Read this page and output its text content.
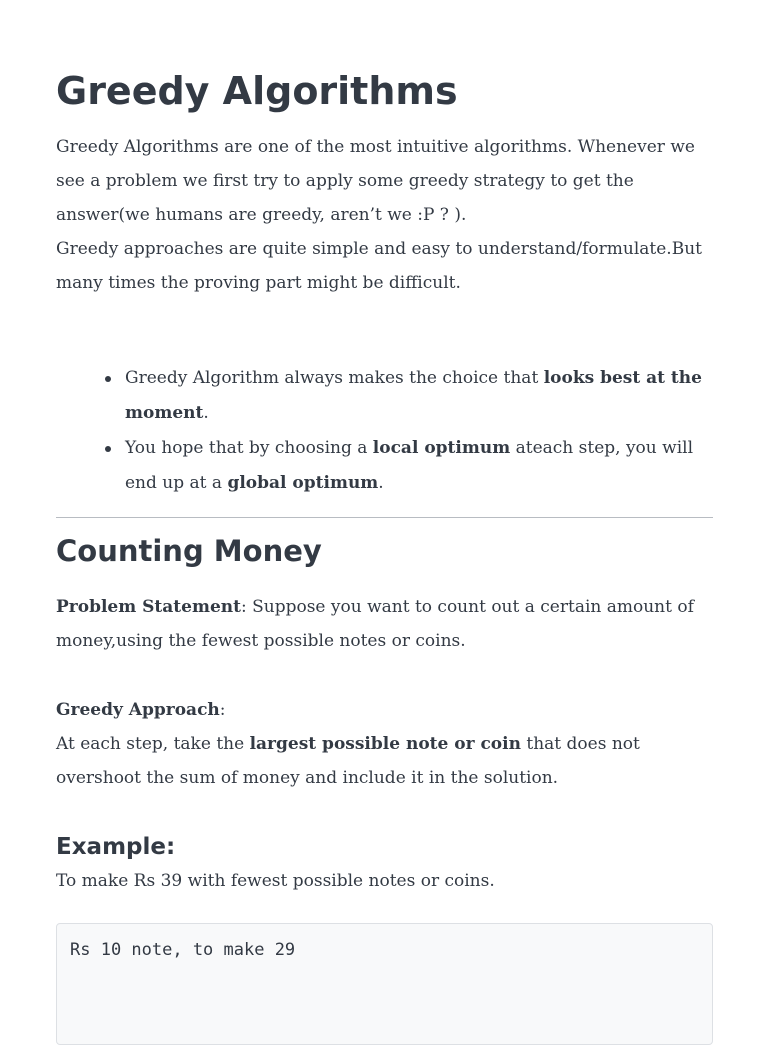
Greedy Algorithms

Greedy Algorithms are one of the most intuitive algorithms. Whenever we see a problem we first try to apply some greedy strategy to get the answer(we humans are greedy, aren’t we :P ? ).
Greedy approaches are quite simple and easy to understand/formulate.But many times the proving part might be difficult.

Greedy Algorithm always makes the choice that looks best at the moment.
You hope that by choosing a local optimum ateach step, you will end up at a global optimum.
Counting Money

Problem Statement: Suppose you want to count out a certain amount of money,using the fewest possible notes or coins.

Greedy Approach:
At each step, take the largest possible note or coin that does not overshoot the sum of money and include it in the solution.

Example:

To make Rs 39 with fewest possible notes or coins.

Rs 10 note, to make 29
